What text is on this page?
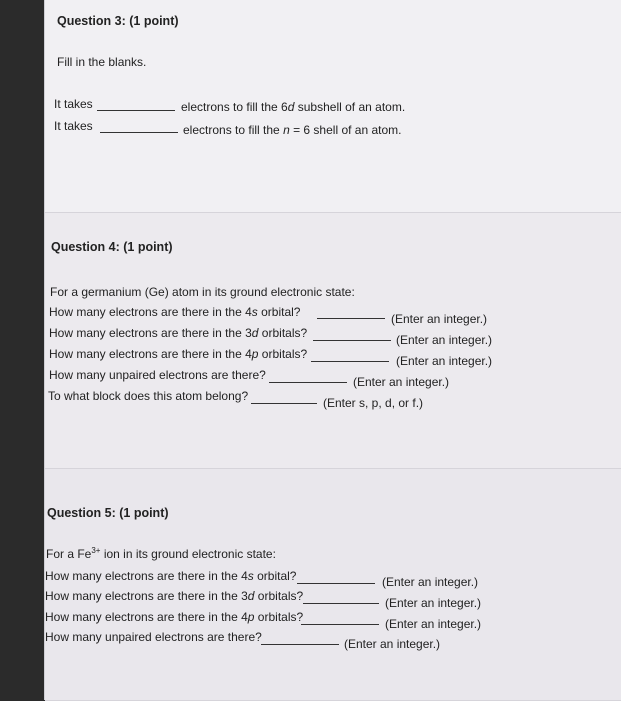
Question 3: (1 point)
Fill in the blanks.
It takes	electrons to fill the 6d subshell of an atom.
It takes	electrons to fill the n = 6 shell of an atom.
Question 4: (1 point)
For a germanium (Ge) atom in its ground electronic state:
How many electrons are there in the 4s orbital?	(Enter an integer.)
How many electrons are there in the 3d orbitals?	(Enter an integer.)
How many electrons are there in the 4p orbitals?	(Enter an integer.)
How many unpaired electrons are there?	(Enter an integer.)
To what block does this atom belong?	(Enter s, p, d, or f.)
Question 5: (1 point)
For a $Fe^{3+}$ ion in its ground electronic state:
How many electrons are there in the 4s orbital?	(Enter an integer.)
How many electrons are there in the 3d orbitals?	(Enter an integer.)
How many electrons are there in the 4p orbitals?	(Enter an integer.)
How many unpaired electrons are there?	(Enter an integer.)
